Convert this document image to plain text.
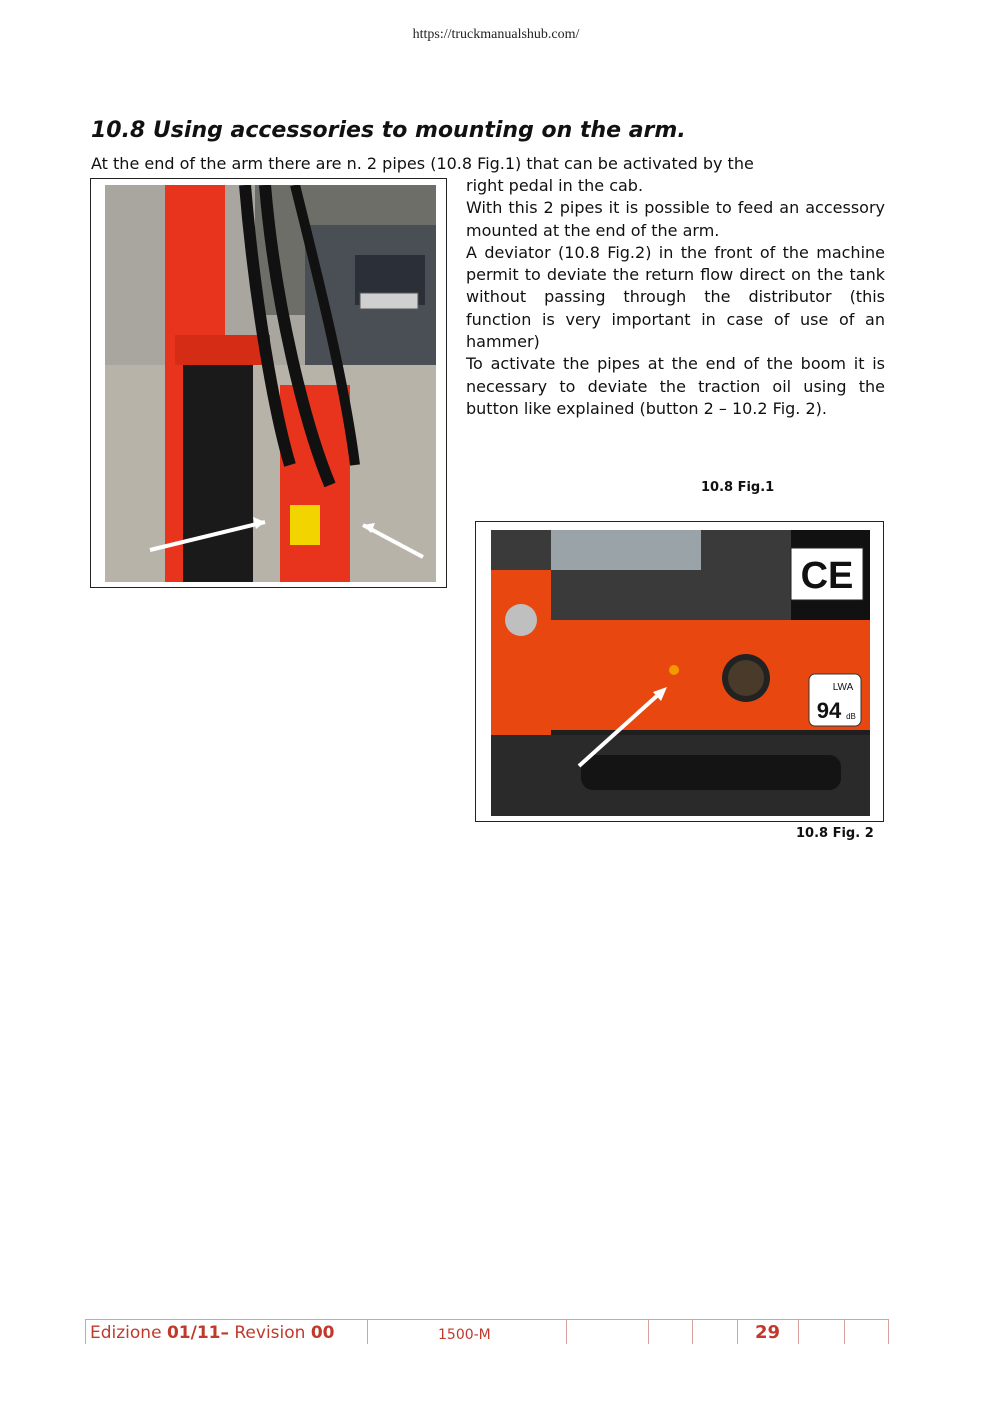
https://truckmanualshub.com/
10.8 Using accessories to mounting on the arm.
At the end of the arm there are n. 2 pipes (10.8 Fig.1) that can be activated by the

right pedal in the cab.

With this 2 pipes it is possible to feed an accessory mounted at the end of the arm.

A deviator (10.8 Fig.2) in the front of the machine permit to deviate the return flow direct on the tank without passing through the distributor (this function is very important in case of use of an hammer)

To activate the pipes at the end of the boom it is necessary to deviate the traction oil using the button like explained (button 2 – 10.2 Fig. 2).

10.8 Fig.1
CE
LWA
94 dB
10.8 Fig. 2
Edizione 01/11– Revision 00	1500-M	29
